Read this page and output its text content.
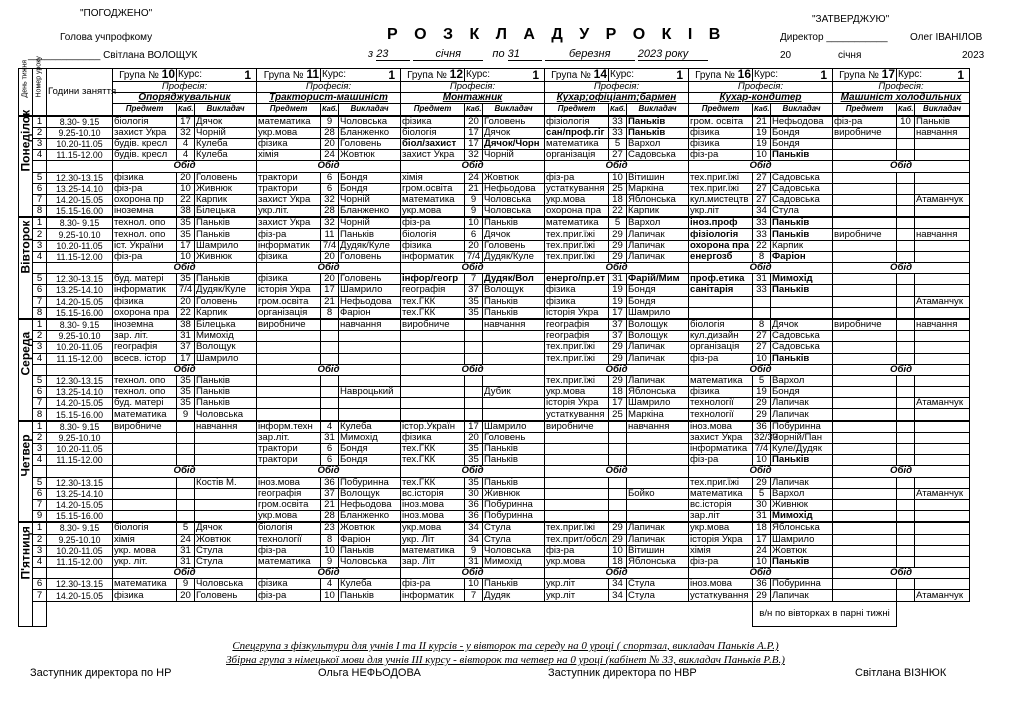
"ПОГОДЖЕНО"
Голова учпрофкому
_____________ Світлана ВОЛОЩУК
Р О З К Л А Д У Р О К І В
з 23	січня	по 31	березня 2023 року
"ЗАТВЕРДЖУЮ"
Директор ___________ Олег ІВАНІЛОВ
20	січня	2023
День тижня	Номер уроку	Години заняття	Група № 10	Курс: 1		Група № 11	Курс: 1		Група № 12	Курс: 1		Група № 14	Курс: 1		Група № 16	Курс: 1		Група № 17	Курс: 1	

			Професія:			Професія:			Професія:			Професія:			Професія:			Професія:		
			Опоряджувальник			Тракторист-машиніст			Монтажник			Кухар;офіціант;бармен			Кухар-кондитер			Машиніст холодильних		
			Предмет	Каб.	Викладач	Предмет	Каб.	Викладач	Предмет	Каб.	Викладач	Предмет	Каб.	Викладач	Предмет	Каб.	Викладач	Предмет	Каб.	Викладач

Понеділок	1	8.30- 9.15	біологія	17	Дячок	математика	9	Чоловська	фізика	20	Головень	фізіологія	33	Паньків	гром. освіта	21	Нефьодова	фіз-ра	10	Паньків
	2	9.25-10.10	захист Укра	32	Чорній	укр.мова	28	Бланженко	біологія	17	Дячок	сан/проф.гіг	33	Паньків	фізика	19	Бондя	виробниче		навчання
	3	10.20-11.05	будів. кресл	4	Кулеба	фізика	20	Головень	біол/захист	17	Дячок/Чорн	математика	5	Вархол	фізика	19	Бондя			
	4	11.15-12.00	будів. кресл	4	Кулеба	хімія	24	Жовтюк	захист Укра	32	Чорній	організація	27	Садовська	фіз-ра	10	Паньків			
			Обід			Обід			Обід			Обід			Обід			Обід		
	5	12.30-13.15	фізика	20	Головень	трактори	6	Бондя	хімія	24	Жовтюк	фіз-ра	10	Вітишин	тех.приг.їжі	27	Садовська			
	6	13.25-14.10	фіз-ра	10	Живнюк	трактори	6	Бондя	гром.освіта	21	Нефьодова	устаткування	25	Маркіна	тех.приг.їжі	27	Садовська			
	7	14.20-15.05	охорона пр	22	Карпик	захист Укра	32	Чорній	математика	9	Чоловська	укр.мова	18	Яблонська	кул.мистецтв	27	Садовська			Атаманчук
	8	15.15-16.00	іноземна	38	Білецька	укр.літ.	28	Бланженко	укр.мова	9	Чоловська	охорона пра	22	Карпик	укр.літ	34	Стула			

Вівторок	1	8.30- 9.15	технол. опо	35	Паньків	захист Укра	32	Чорній	фіз-ра	10	Паньків	математика	5	Вархол	іноз.проф	33	Паньків			
	2	9.25-10.10	технол. опо	35	Паньків	фіз-ра	11	Паньків	біологія	6	Дячок	тех.приг.їжі	29	Лапичак	фізіологія	33	Паньків	виробниче		навчання
	3	10.20-11.05	іст. України	17	Шамрило	інформатик	7/4	Дудяк/Куле	фізика	20	Головень	тех.приг.їжі	29	Лапичак	охорона пра	22	Карпик			
	4	11.15-12.00	фіз-ра	10	Живнюк	фізика	20	Головень	інформатик	7/4	Дудяк/Куле	тех.приг.їжі	29	Лапичак	енергозб	8	Фаріон			
			Обід			Обід			Обід			Обід			Обід			Обід		
	5	12.30-13.15	буд. матері	35	Паньків	фізика	20	Головень	інфор/геогр	7	Дудяк/Вол	енерго/пр.ет	31	Фарій/Мим	проф.етика	31	Мимохід			
	6	13.25-14.10	інформатик	7/4	Дудяк/Куле	історія Укра	17	Шамрило	географія	37	Волощук	фізика	19	Бондя	санітарія	33	Паньків			
	7	14.20-15.05	фізика	20	Головень	гром.освіта	21	Нефьодова	тех.ГКК	35	Паньків	фізика	19	Бондя						Атаманчук
	8	15.15-16.00	охорона пра	22	Карпик	організація	8	Фаріон	тех.ГКК	35	Паньків	історія Укра	17	Шамрило						

Середа	1	8.30- 9.15	іноземна	38	Білецька	виробниче		навчання	виробниче		навчання	географія	37	Волощук	біологія	8	Дячок	виробниче		навчання
	2	9.25-10.10	зар. літ.	31	Мимохід							географія	37	Волощук	кул.дизайн	27	Садовська			
	3	10.20-11.05	географія	37	Волощук							тех.приг.їжі	29	Лапичак	організація	27	Садовська			
	4	11.15-12.00	всесв. істор	17	Шамрило							тех.приг.їжі	29	Лапичак	фіз-ра	10	Паньків			
			Обід			Обід			Обід			Обід			Обід			Обід		
	5	12.30-13.15	технол. опо	35	Паньків							тех.приг.їжі	29	Лапичак	математика	5	Вархол			
	6	13.25-14.10	технол. опо	35	Паньків			Навроцький			Дубик	укр.мова	18	Яблонська	фізика	19	Бондя			
	7	14.20-15.05	буд. матері	35	Паньків							історія Укра	17	Шамрило	технології	29	Лапичак			Атаманчук
	8	15.15-16.00	математика	9	Чоловська							устаткування	25	Маркіна	технології	29	Лапичак			

Четвер	1	8.30- 9.15	виробниче		навчання	інформ.техн	4	Кулеба	істор.Україн	17	Шамрило	виробниче		навчання	іноз.мова	36	Побуринна			
	2	9.25-10.10				зар.літ.	31	Мимохід	фізика	20	Головень				захист Укра	32/33	Чорній/Пан			
	3	10.20-11.05				трактори	6	Бондя	тех.ГКК	35	Паньків				інформатика	7/4	Куле/Дудяк			
	4	11.15-12.00				трактори	6	Бондя	тех.ГКК	35	Паньків				фіз-ра	10	Паньків			
			Обід			Обід			Обід			Обід			Обід			Обід		
	5	12.30-13.15			Костів М.	іноз.мова	36	Побуринна	тех.ГКК	35	Паньків				тех.приг.їжі	29	Лапичак			
	6	13.25-14.10				географія	37	Волощук	вс.історія	30	Живнюк			Бойко	математика	5	Вархол			Атаманчук
	7	14.20-15.05				гром.освіта	21	Нефьодова	іноз.мова	36	Побуринна				вс.історія	30	Живнюк			
	9	15.15-16.00				укр.мова	28	Бланженко	іноз.мова	36	Побуринна				зар.літ	31	Мимохід			

П'ятниця	1	8.30- 9.15	біологія	5	Дячок	біологія	23	Жовтюк	укр.мова	34	Стула	тех.приг.їжі	29	Лапичак	укр.мова	18	Яблонська			
	2	9.25-10.10	хімія	24	Жовтюк	технології	8	Фаріон	укр. Літ	34	Стула	тех.прит/обсл	29	Лапичак	історія Укра	17	Шамрило			
	3	10.20-11.05	укр. мова	31	Стула	фіз-ра	10	Паньків	математика	9	Чоловська	фіз-ра	10	Вітишин	хімія	24	Жовтюк			
	4	11.15-12.00	укр. літ.	31	Стула	математика	9	Чоловська	зар. Літ	31	Мимохід	укр.мова	18	Яблонська	фіз-ра	10	Паньків			
			Обід			Обід			Обід			Обід			Обід			Обід		
	6	12.30-13.15	математика	9	Чоловська	фізика	4	Кулеба	фіз-ра	10	Паньків	укр.літ	34	Стула	іноз.мова	36	Побуринна			
	7	14.20-15.05	фізика	20	Головень	фіз-ра	10	Паньків	інформатик	7	Дудяк	укр.літ	34	Стула	устаткування	29	Лапичак			Атаманчук
																в/н по вівторках в парні тижні				
Спецгрупа з фізкультури для учнів І та ІІ курсів - у вівторок та середу на 0 уроці ( спортзал, викладач Паньків А.Р.)
Збірна група з німецької мови для учнів ІІІ курсу - вівторок та четвер на 0 уроці (кабінет № 33, викладач Паньків Р.В.)
Заступник директора по НР	Ольга НЕФЬОДОВА	Заступник директора по НВР	Світлана ВІЗНЮК
